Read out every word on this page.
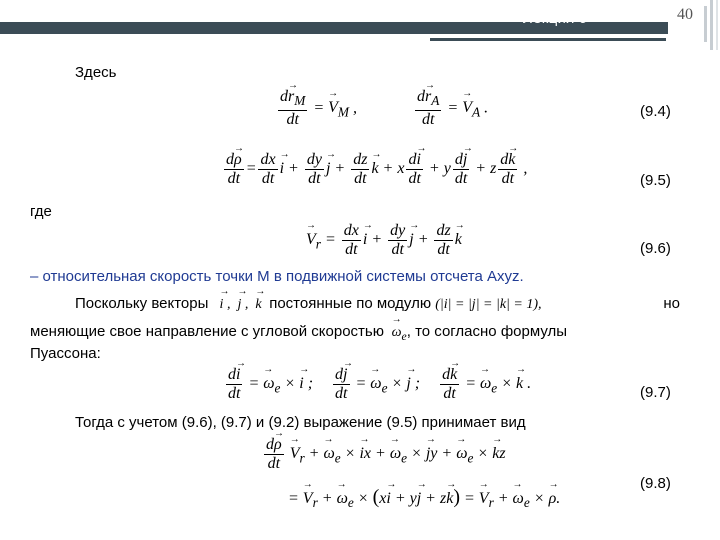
Лекция 9	40
Здесь
$\frac{d\to r_M}{dt}$ = → $V_M$ ,	$\frac{d\to r_A}{dt}$ = → $V_A$ .	(9.4)
$\frac{d\to \rho}{dt} = \frac{dx}{dt}$
→ $i + \frac{dy}{dt}$
→ $j + \frac{dz}{dt}$
→ k + x $\frac{d\to i}{dt} + y \frac{d\to j}{dt} + z \frac{d\to k}{dt}$ ,
(9.5)
где
→ $V_r = \frac{dx}{dt}$
→ $i + \frac{dy}{dt}$
→ $j + \frac{dz}{dt}$
→ k
(9.6)
– относительная скорость точки M в подвижной системы отсчета Axyz.
Поскольку векторы   → i ,  → j ,  → k постоянные по модулю (|i| = |j| = |k| = 1),	но
меняющие свое направление с угловой скоростью  → $\omega_e$, то согласно формулы
Пуассона:
$\frac{d\to i}{dt}$ = → $\omega_e$ × → i ; $\frac{d\to j}{dt}$ = → $\omega_e$ × → j ; $\frac{d\to k}{dt}$ = → $\omega_e$ × → k .
(9.7)
Тогда с учетом (9.6), (9.7) и (9.2) выражение (9.5) принимает вид
$\frac{d\to \rho}{dt}$
→ $V_r$ + → $\omega_e$ × → ix + → $\omega_e$ × → jy + → $\omega_e$ × → kz
= → $V_r$ + → $\omega_e \times (x\to i + y\to j + z\to k)$ = → $V_r$ + → $\omega_e$ × → ρ.
(9.8)
